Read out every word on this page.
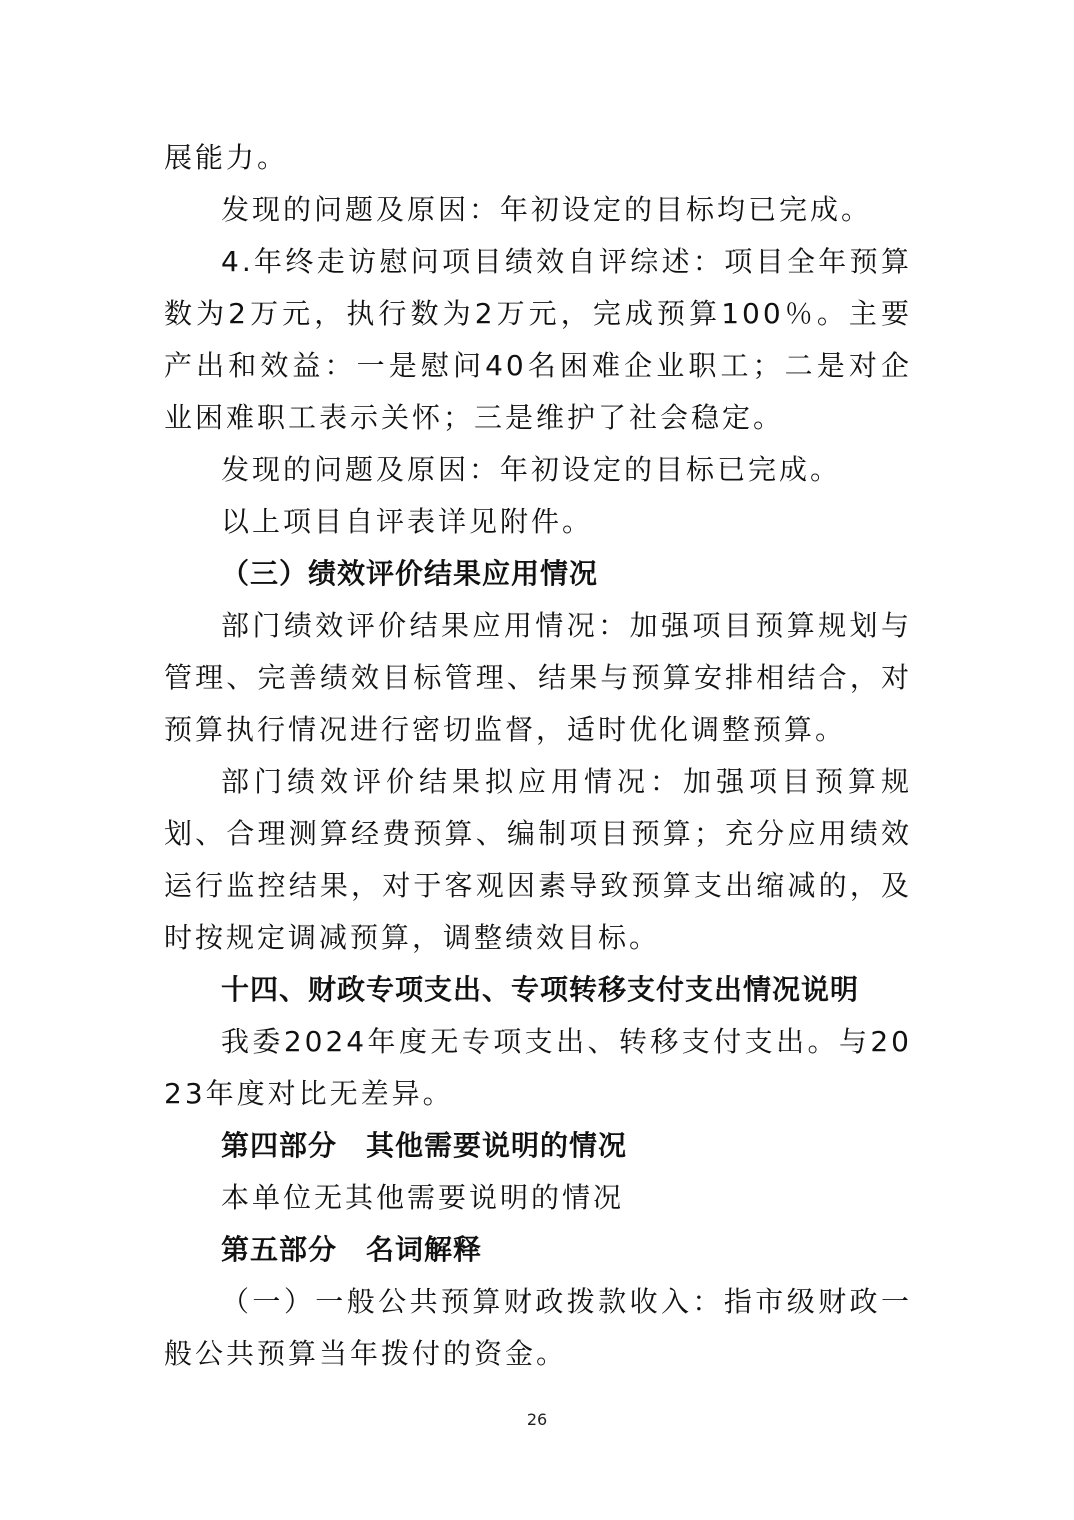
展能力。

发现的问题及原因：年初设定的目标均已完成。

4.年终走访慰问项目绩效自评综述：项目全年预算数为2万元，执行数为2万元，完成预算100％。主要产出和效益：一是慰问40名困难企业职工；二是对企业困难职工表示关怀；三是维护了社会稳定。

发现的问题及原因：年初设定的目标已完成。

以上项目自评表详见附件。

（三）绩效评价结果应用情况

部门绩效评价结果应用情况：加强项目预算规划与管理、完善绩效目标管理、结果与预算安排相结合，对预算执行情况进行密切监督，适时优化调整预算。

部门绩效评价结果拟应用情况：加强项目预算规划、合理测算经费预算、编制项目预算；充分应用绩效运行监控结果，对于客观因素导致预算支出缩减的，及时按规定调减预算，调整绩效目标。

十四、财政专项支出、专项转移支付支出情况说明

我委2024年度无专项支出、转移支付支出。与2023年度对比无差异。

第四部分　其他需要说明的情况

本单位无其他需要说明的情况

第五部分　名词解释

（一）一般公共预算财政拨款收入：指市级财政一般公共预算当年拨付的资金。

26
